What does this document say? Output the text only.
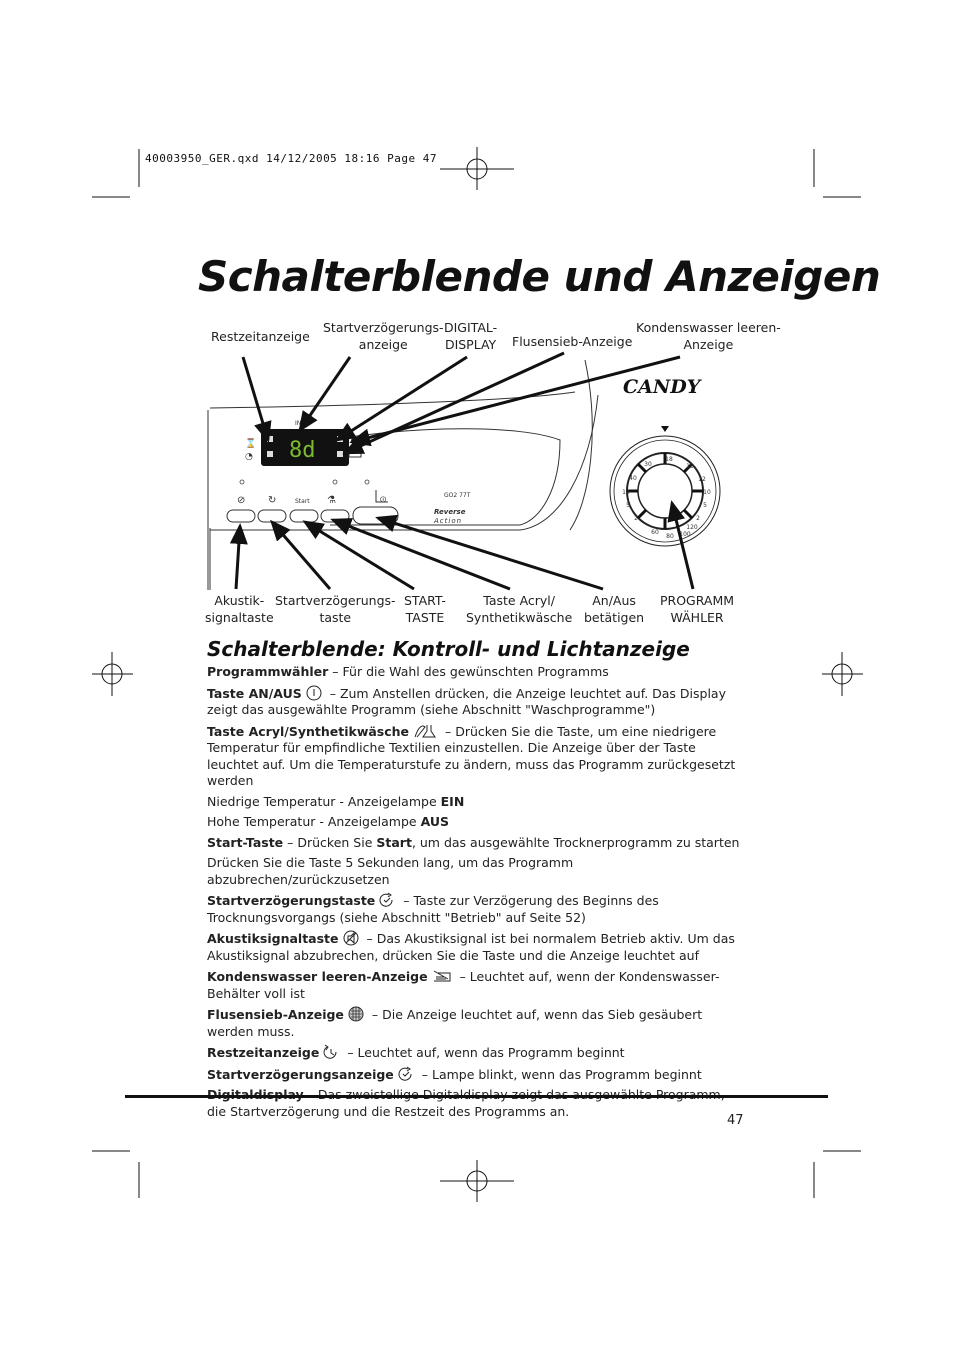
40003950_GER.qxd 14/12/2005 18:16 Page 47
Schalterblende und Anzeigen
CANDY
INFO
8d
⌛
◔
⊘ ↻	Start ⚗	⏼	GO2 77T
Reverse
Action
40
30
18
15
12
10
5
2
2
5
10
60
80 100
120
Restzeitanzeige
Startverzögerungs-
anzeige
DIGITAL-
DISPLAY Flusensieb-Anzeige
Kondenswasser leeren-
Anzeige
Akustik-
signaltaste
Startverzögerungs-
taste
START-
TASTE
Taste Acryl/
Synthetikwäsche
An/Aus
betätigen
PROGRAMM
WÄHLER
Schalterblende: Kontroll- und Lichtanzeige

Programmwähler – Für die Wahl des gewünschten Programms

Taste AN/AUS – Zum Anstellen drücken, die Anzeige leuchtet auf. Das Display zeigt das ausgewählte Programm (siehe Abschnitt "Waschprogramme")

Taste Acryl/Synthetikwäsche	– Drücken Sie die Taste, um eine niedrigere Temperatur für empfindliche Textilien einzustellen. Die Anzeige über der Taste leuchtet auf. Um die Temperaturstufe zu ändern, muss das Programm zurückgesetzt werden

Niedrige Temperatur - Anzeigelampe EIN

Hohe Temperatur - Anzeigelampe AUS

Start-Taste – Drücken Sie Start, um das ausgewählte Trocknerprogramm zu starten

Drücken Sie die Taste 5 Sekunden lang, um das Programm abzubrechen/zurückzusetzen

Startverzögerungstaste – Taste zur Verzögerung des Beginns des Trocknungsvorgangs (siehe Abschnitt "Betrieb" auf Seite 52)

Akustiksignaltaste – Das Akustiksignal ist bei normalem Betrieb aktiv. Um das Akustiksignal abzubrechen, drücken Sie die Taste und die Anzeige leuchtet auf

Kondenswasser leeren-Anzeige – Leuchtet auf, wenn der Kondenswasser-Behälter voll ist

Flusensieb-Anzeige – Die Anzeige leuchtet auf, wenn das Sieb gesäubert werden muss.

Restzeitanzeige – Leuchtet auf, wenn das Programm beginnt

Startverzögerungsanzeige – Lampe blinkt, wenn das Programm beginnt

die Startverzögerung und die Restzeit des Programms an.

47
